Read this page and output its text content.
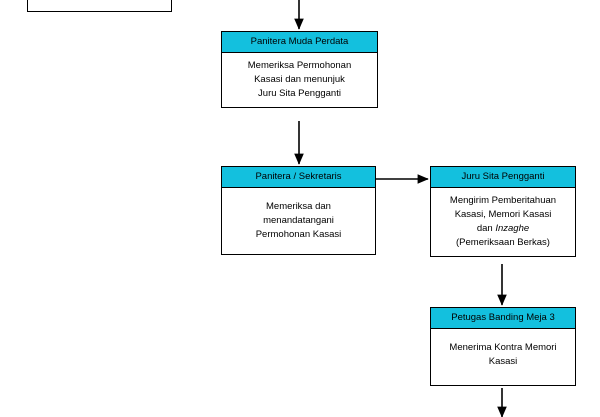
Panitera Muda Perdata
Memeriksa Permohonan
Kasasi dan menunjuk
Juru Sita Pengganti
Panitera / Sekretaris
Memeriksa dan
menandatangani
Permohonan Kasasi
Juru Sita Pengganti
Mengirim Pemberitahuan
Kasasi, Memori Kasasi
dan Inzaghe
(Pemeriksaan Berkas)
Petugas Banding Meja 3
Menerima Kontra Memori
Kasasi
